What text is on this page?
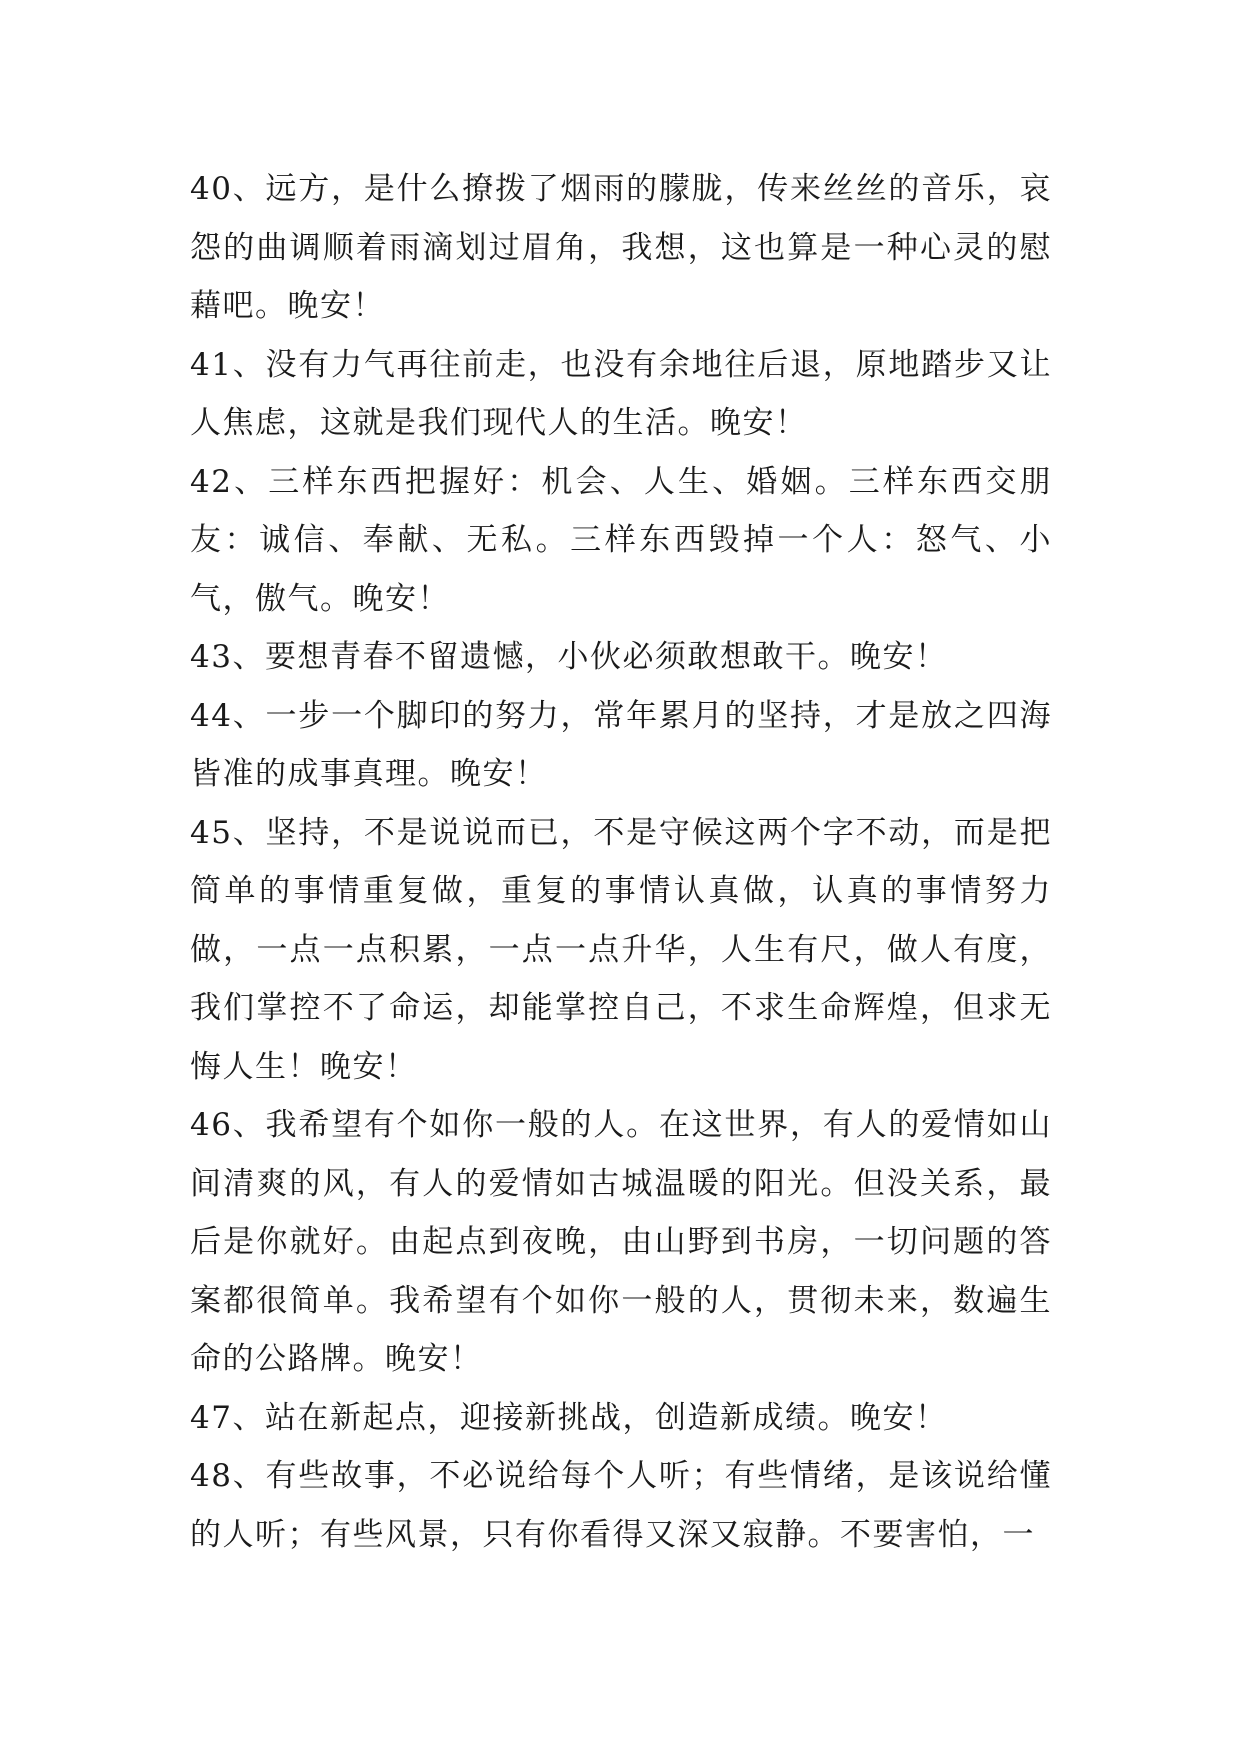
40、远方，是什么撩拨了烟雨的朦胧，传来丝丝的音乐，哀怨的曲调顺着雨滴划过眉角，我想，这也算是一种心灵的慰藉吧。晚安！

41、没有力气再往前走，也没有余地往后退，原地踏步又让人焦虑，这就是我们现代人的生活。晚安！

42、三样东西把握好：机会、人生、婚姻。三样东西交朋友：诚信、奉献、无私。三样东西毁掉一个人：怒气、小气，傲气。晚安！

43、要想青春不留遗憾，小伙必须敢想敢干。晚安！

44、一步一个脚印的努力，常年累月的坚持，才是放之四海皆准的成事真理。晚安！

45、坚持，不是说说而已，不是守候这两个字不动，而是把简单的事情重复做，重复的事情认真做，认真的事情努力做，一点一点积累，一点一点升华，人生有尺，做人有度，我们掌控不了命运，却能掌控自己，不求生命辉煌，但求无悔人生！晚安！

46、我希望有个如你一般的人。在这世界，有人的爱情如山间清爽的风，有人的爱情如古城温暖的阳光。但没关系，最后是你就好。由起点到夜晚，由山野到书房，一切问题的答案都很简单。我希望有个如你一般的人，贯彻未来，数遍生命的公路牌。晚安！

47、站在新起点，迎接新挑战，创造新成绩。晚安！

48、有些故事，不必说给每个人听；有些情绪，是该说给懂的人听；有些风景，只有你看得又深又寂静。不要害怕，一
